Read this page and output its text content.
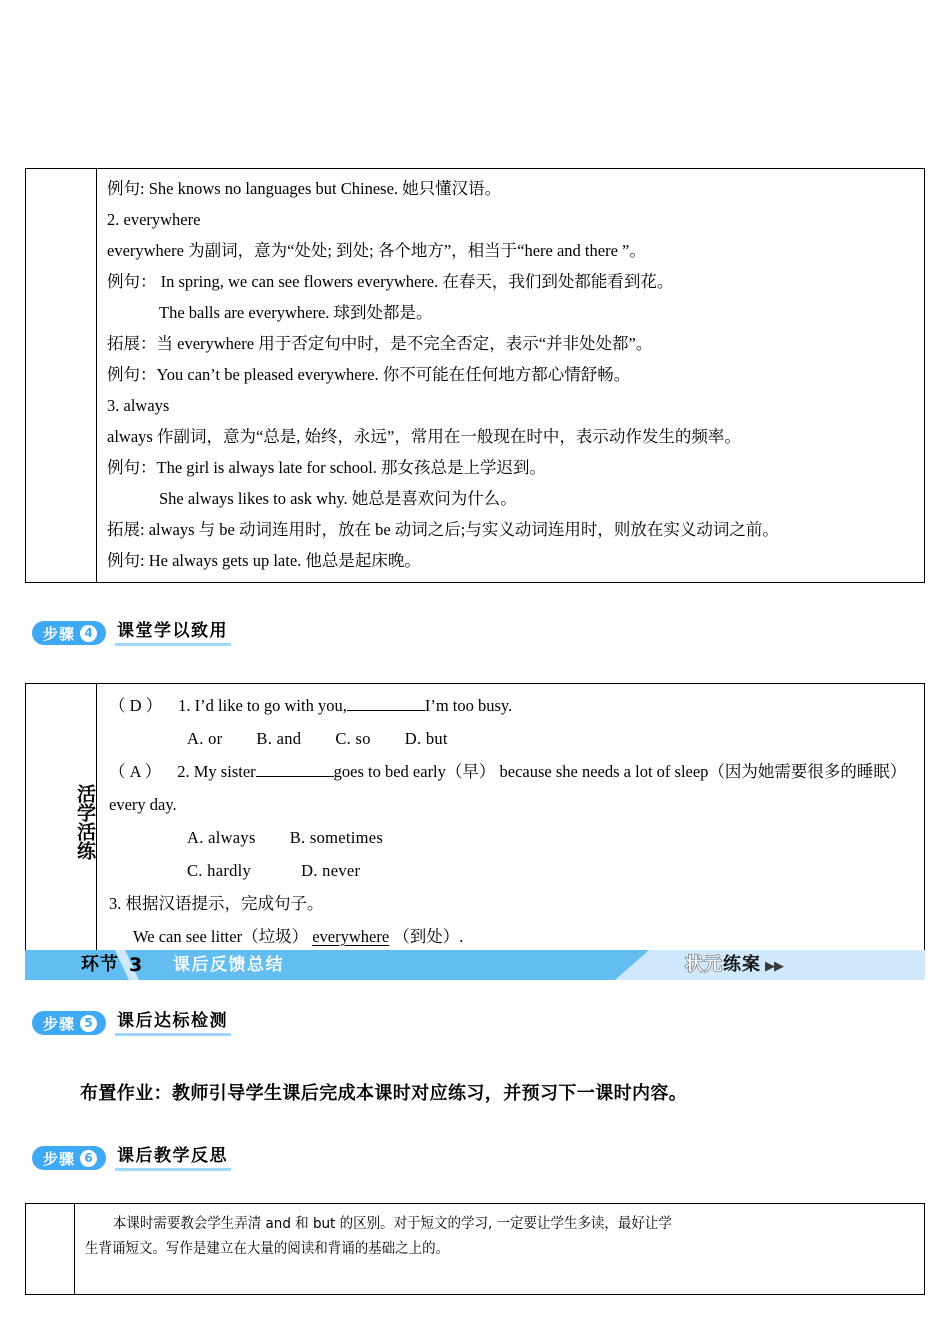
例句: She knows no languages but Chinese. 她只懂汉语。
2. everywhere
everywhere 为副词，意为“处处; 到处; 各个地方”，相当于“here and there ”。
例句： In spring, we can see flowers everywhere. 在春天，我们到处都能看到花。
The balls are everywhere. 球到处都是。
拓展：当 everywhere 用于否定句中时，是不完全否定，表示“并非处处都”。
例句：You can’t be pleased everywhere. 你不可能在任何地方都心情舒畅。
3. always
always 作副词，意为“总是, 始终，永远”，常用在一般现在时中，表示动作发生的频率。
例句：The girl is always late for school. 那女孩总是上学迟到。
She always likes to ask why. 她总是喜欢问为什么。
拓展: always 与 be 动词连用时，放在 be 动词之后;与实义动词连用时，则放在实义动词之前。
例句: He always gets up late. 他总是起床晚。
步骤 4 课堂学以致用
活学活练

（ D ） 1. I’d like to go with you,	I’m too busy.
A. or B. and C. so D. but
（ A ） 2. My sister	goes to bed early（早） because she needs a lot of sleep（因为她需要很多的睡眠） every day.
A. always B. sometimes
C. hardly	D. never
3. 根据汉语提示，完成句子。
We can see litter（垃圾） everywhere （到处）.
环节 3 课后反馈总结	状元练案 ▶▶
步骤 5 课后达标检测
布置作业：教师引导学生课后完成本课时对应练习，并预习下一课时内容。
步骤 6 课后教学反思

本课时需要教会学生弄清 and 和 but 的区别。对于短文的学习, 一定要让学生多读，最好让学
生背诵短文。写作是建立在大量的阅读和背诵的基础之上的。
